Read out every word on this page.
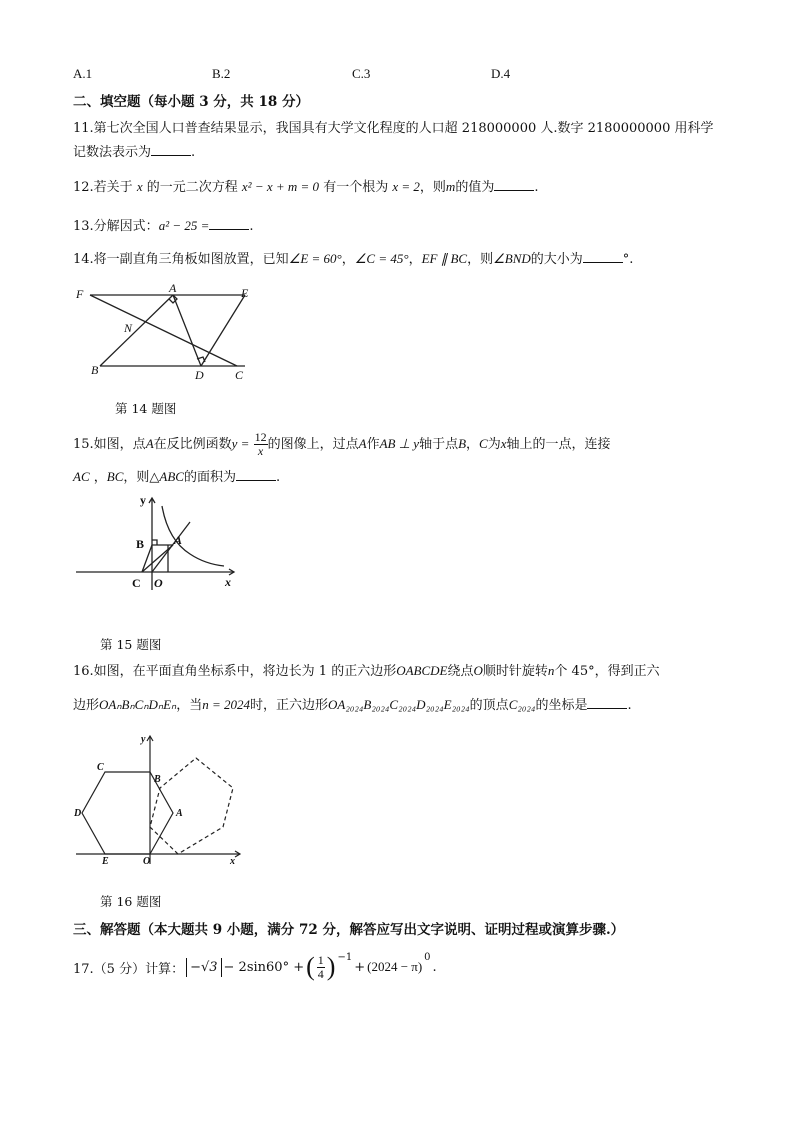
A.1	B.2	C.3	D.4
二、填空题（每小题 3 分，共 18 分）
11.第七次全国人口普查结果显示，我国具有大学文化程度的人口超 218000000 人.数字 2180000000 用科学
记数法表示为	.
12.若关于 x 的一元二次方程 x² − x + m = 0 有一个根为 x = 2，则m的值为	.
13.分解因式：a² − 25 =	.
14.将一副直角三角板如图放置，已知∠E = 60°，∠C = 45°，EF ∥ BC，则∠BND的大小为	°.
F	A	E
N
B	D	C
第 14 题图
15.如图，点A在反比例函数$y = \frac{12}{x}$ 的图像上，过点A作AB ⊥ y轴于点B，C为x轴上的一点，连接
AC ，BC，则△ABC的面积为	.
y
x
B A
C O
第 15 题图
16.如图，在平面直角坐标系中，将边长为 1 的正六边形OABCDE绕点O顺时针旋转n个 45°，得到正六
边形OAₙBₙCₙDₙEₙ，当n = 2024时，正六边形OA₂₀₂₄B₂₀₂₄C₂₀₂₄D₂₀₂₄E₂₀₂₄的顶点C₂₀₂₄的坐标是	.
y
x
C
B
D	A
E	O
第 16 题图
三、解答题（本大题共 9 小题，满分 72 分，解答应写出文字说明、证明过程或演算步骤.）
17.（5 分）计算： −√3 − 2sin60° + ( $\frac{1}{4} )^{-1}$
+ (2024 − π)
$^0$
.
